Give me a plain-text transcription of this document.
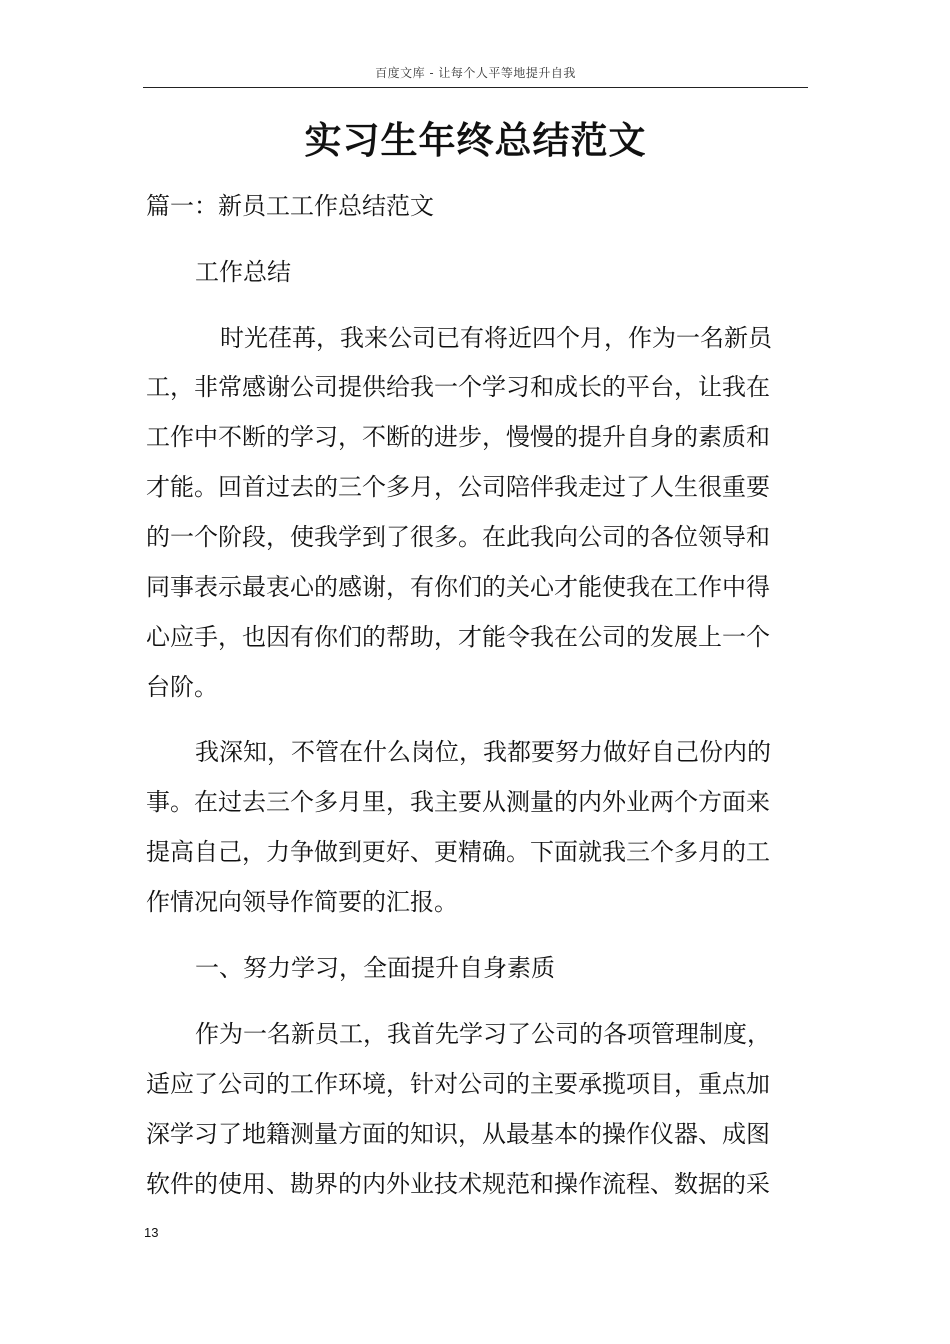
百度文库 - 让每个人平等地提升自我
实习生年终总结范文
篇一：新员工工作总结范文
工作总结
时光荏苒，我来公司已有将近四个月，作为一名新员
工，非常感谢公司提供给我一个学习和成长的平台，让我在
工作中不断的学习，不断的进步，慢慢的提升自身的素质和
才能。回首过去的三个多月，公司陪伴我走过了人生很重要
的一个阶段，使我学到了很多。在此我向公司的各位领导和
同事表示最衷心的感谢，有你们的关心才能使我在工作中得
心应手，也因有你们的帮助，才能令我在公司的发展上一个
台阶。
我深知，不管在什么岗位，我都要努力做好自己份内的
事。在过去三个多月里，我主要从测量的内外业两个方面来
提高自己，力争做到更好、更精确。下面就我三个多月的工
作情况向领导作简要的汇报。
一、努力学习，全面提升自身素质
作为一名新员工，我首先学习了公司的各项管理制度，
适应了公司的工作环境，针对公司的主要承揽项目，重点加
深学习了地籍测量方面的知识，从最基本的操作仪器、成图
软件的使用、勘界的内外业技术规范和操作流程、数据的采
13
